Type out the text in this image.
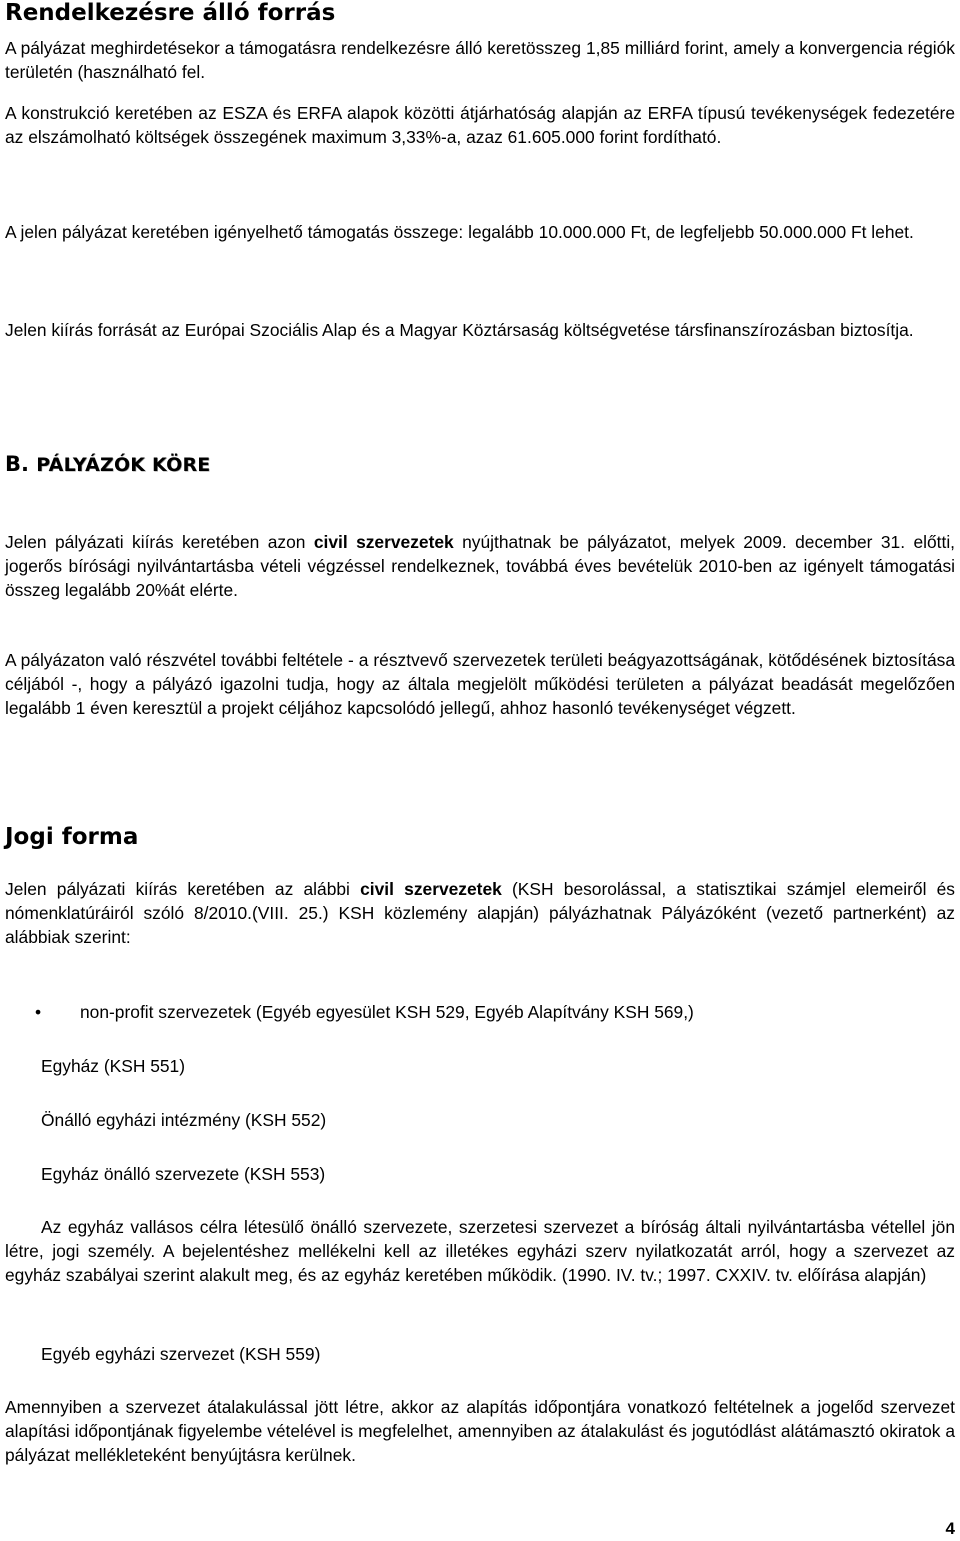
Rendelkezésre álló forrás

A pályázat meghirdetésekor a támogatásra rendelkezésre álló keretösszeg 1,85 milliárd forint, amely a konvergencia régiók területén (használható fel.

A konstrukció keretében az ESZA és ERFA alapok közötti átjárhatóság alapján az ERFA típusú tevékenységek fedezetére az elszámolható költségek összegének maximum 3,33%-a, azaz 61.605.000 forint fordítható.

A jelen pályázat keretében igényelhető támogatás összege: legalább 10.000.000 Ft, de legfeljebb 50.000.000 Ft lehet.

Jelen kiírás forrását az Európai Szociális Alap és a Magyar Köztársaság költségvetése társfinanszírozásban biztosítja.

B. PÁLYÁZÓK KÖRE

Jelen pályázati kiírás keretében azon civil szervezetek nyújthatnak be pályázatot, melyek 2009. december 31. előtti, jogerős bírósági nyilvántartásba vételi végzéssel rendelkeznek, továbbá éves bevételük 2010-ben az igényelt támogatási összeg legalább 20%át elérte.

A pályázaton való részvétel további feltétele - a résztvevő szervezetek területi beágyazottságának, kötődésének biztosítása céljából -, hogy a pályázó igazolni tudja, hogy az általa megjelölt működési területen a pályázat beadását megelőzően legalább 1 éven keresztül a projekt céljához kapcsolódó jellegű, ahhoz hasonló tevékenységet végzett.

Jogi forma

Jelen pályázati kiírás keretében az alábbi civil szervezetek (KSH besorolással, a statisztikai számjel elemeiről és nómenklatúráiról szóló 8/2010.(VIII. 25.) KSH közlemény alapján) pályázhatnak Pályázóként (vezető partnerként) az alábbiak szerint:

• non-profit szervezetek (Egyéb egyesület KSH 529, Egyéb Alapítvány KSH 569,)
Egyház (KSH 551)
Önálló egyházi intézmény (KSH 552)
Egyház önálló szervezete (KSH 553)

Az egyház vallásos célra létesülő önálló szervezete, szerzetesi szervezet a bíróság általi nyilvántartásba vétellel jön létre, jogi személy. A bejelentéshez mellékelni kell az illetékes egyházi szerv nyilatkozatát arról, hogy a szervezet az egyház szabályai szerint alakult meg, és az egyház keretében működik. (1990. IV. tv.; 1997. CXXIV. tv. előírása alapján)

Egyéb egyházi szervezet (KSH 559)

Amennyiben a szervezet átalakulással jött létre, akkor az alapítás időpontjára vonatkozó feltételnek a jogelőd szervezet alapítási időpontjának figyelembe vételével is megfelelhet, amennyiben az átalakulást és jogutódlást alátámasztó okiratok a pályázat mellékleteként benyújtásra kerülnek.

4
